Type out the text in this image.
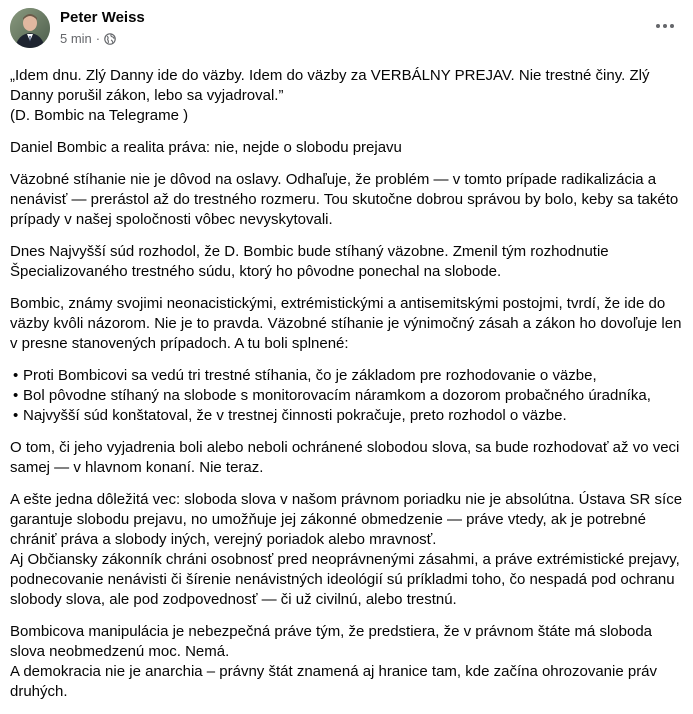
Peter Weiss
5 min ·

„Idem dnu. Zlý Danny ide do väzby. Idem do väzby za VERBÁLNY PREJAV. Nie trestné činy. Zlý Danny porušil zákon, lebo sa vyjadroval.”
(D. Bombic na Telegrame )

Daniel Bombic a realita práva: nie, nejde o slobodu prejavu

Väzobné stíhanie nie je dôvod na oslavy. Odhaľuje, že problém — v tomto prípade radikalizácia a nenávisť — prerástol až do trestného rozmeru. Tou skutočne dobrou správou by bolo, keby sa takéto prípady v našej spoločnosti vôbec nevyskytovali.

Dnes Najvyšší súd rozhodol, že D. Bombic bude stíhaný väzobne. Zmenil tým rozhodnutie Špecializovaného trestného súdu, ktorý ho pôvodne ponechal na slobode.

Bombic, známy svojimi neonacistickými, extrémistickými a antisemitskými postojmi, tvrdí, že ide do väzby kvôli názorom. Nie je to pravda. Väzobné stíhanie je výnimočný zásah a zákon ho dovoľuje len v presne stanovených prípadoch. A tu boli splnené:

• Proti Bombicovi sa vedú tri trestné stíhania, čo je základom pre rozhodovanie o väzbe,
• Bol pôvodne stíhaný na slobode s monitorovacím náramkom a dozorom probačného úradníka,
• Najvyšší súd konštatoval, že v trestnej činnosti pokračuje, preto rozhodol o väzbe.

O tom, či jeho vyjadrenia boli alebo neboli ochránené slobodou slova, sa bude rozhodovať až vo veci samej — v hlavnom konaní. Nie teraz.

A ešte jedna dôležitá vec: sloboda slova v našom právnom poriadku nie je absolútna. Ústava SR síce garantuje slobodu prejavu, no umožňuje jej zákonné obmedzenie — práve vtedy, ak je potrebné chrániť práva a slobody iných, verejný poriadok alebo mravnosť.
Aj Občiansky zákonník chráni osobnosť pred neoprávnenými zásahmi, a práve extrémistické prejavy, podnecovanie nenávisti či šírenie nenávistných ideológií sú príkladmi toho, čo nespadá pod ochranu slobody slova, ale pod zodpovednosť — či už civilnú, alebo trestnú.

Bombicova manipulácia je nebezpečná práve tým, že predstiera, že v právnom štáte má sloboda slova neobmedzenú moc. Nemá.
A demokracia nie je anarchia – právny štát znamená aj hranice tam, kde začína ohrozovanie práv druhých.
